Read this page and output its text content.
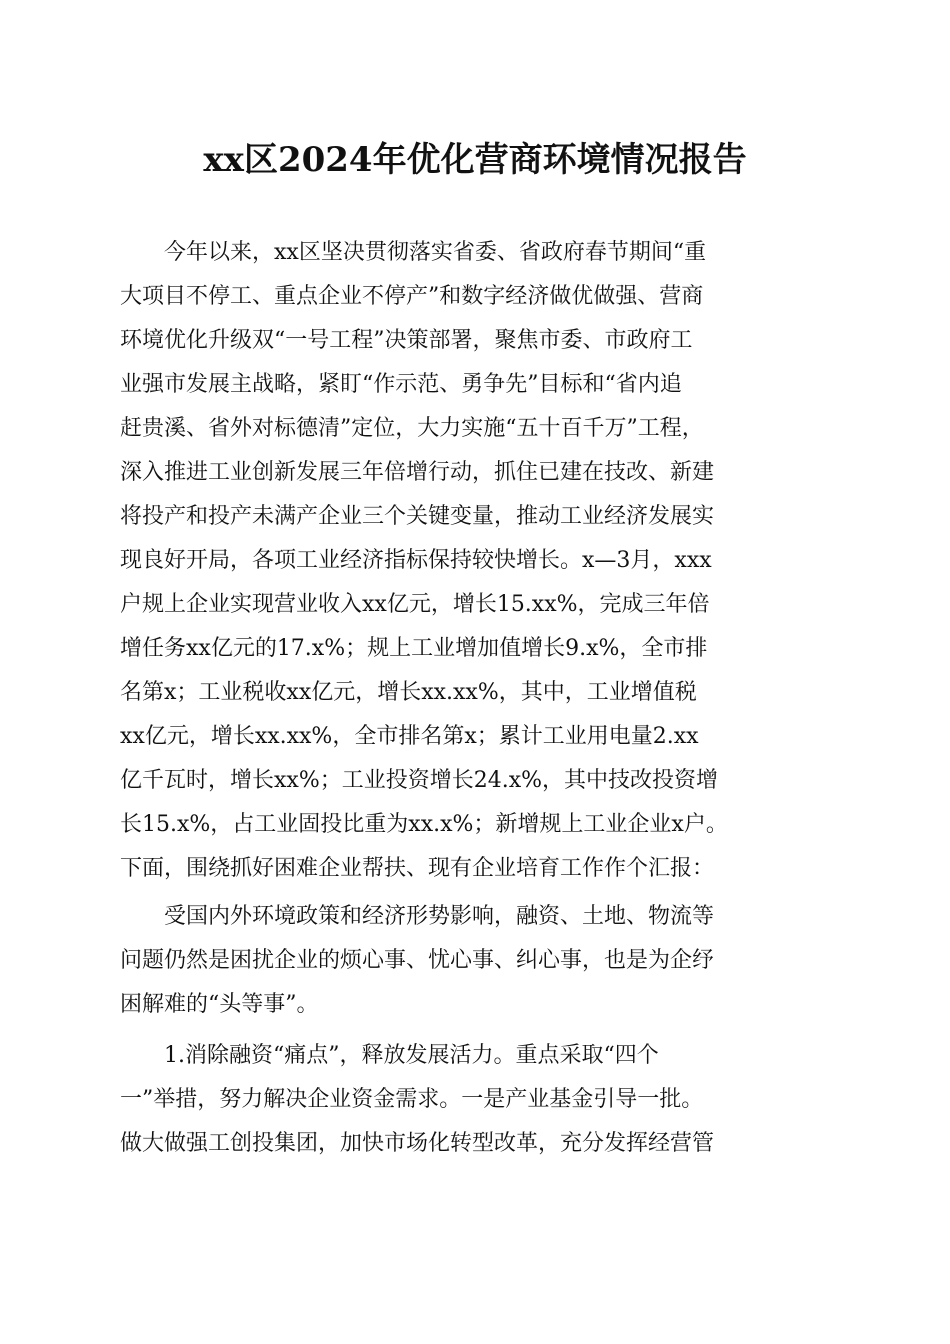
xx区2024年优化营商环境情况报告
　　今年以来，xx区坚决贯彻落实省委、省政府春节期间“重
大项目不停工、重点企业不停产”和数字经济做优做强、营商
环境优化升级双“一号工程”决策部署，聚焦市委、市政府工
业强市发展主战略，紧盯“作示范、勇争先”目标和“省内追
赶贵溪、省外对标德清”定位，大力实施“五十百千万”工程，
深入推进工业创新发展三年倍增行动，抓住已建在技改、新建
将投产和投产未满产企业三个关键变量，推动工业经济发展实
现良好开局，各项工业经济指标保持较快增长。x—3月，xxx
户规上企业实现营业收入xx亿元，增长15.xx%，完成三年倍
增任务xx亿元的17.x%；规上工业增加值增长9.x%，全市排
名第x；工业税收xx亿元，增长xx.xx%，其中，工业增值税
xx亿元，增长xx.xx%，全市排名第x；累计工业用电量2.xx
亿千瓦时，增长xx%；工业投资增长24.x%，其中技改投资增
长15.x%，占工业固投比重为xx.x%；新增规上工业企业x户。
下面，围绕抓好困难企业帮扶、现有企业培育工作作个汇报：
　　受国内外环境政策和经济形势影响，融资、土地、物流等
问题仍然是困扰企业的烦心事、忧心事、纠心事，也是为企纾
困解难的“头等事”。
　　1.消除融资“痛点”，释放发展活力。重点采取“四个
一”举措，努力解决企业资金需求。一是产业基金引导一批。
做大做强工创投集团，加快市场化转型改革，充分发挥经营管
